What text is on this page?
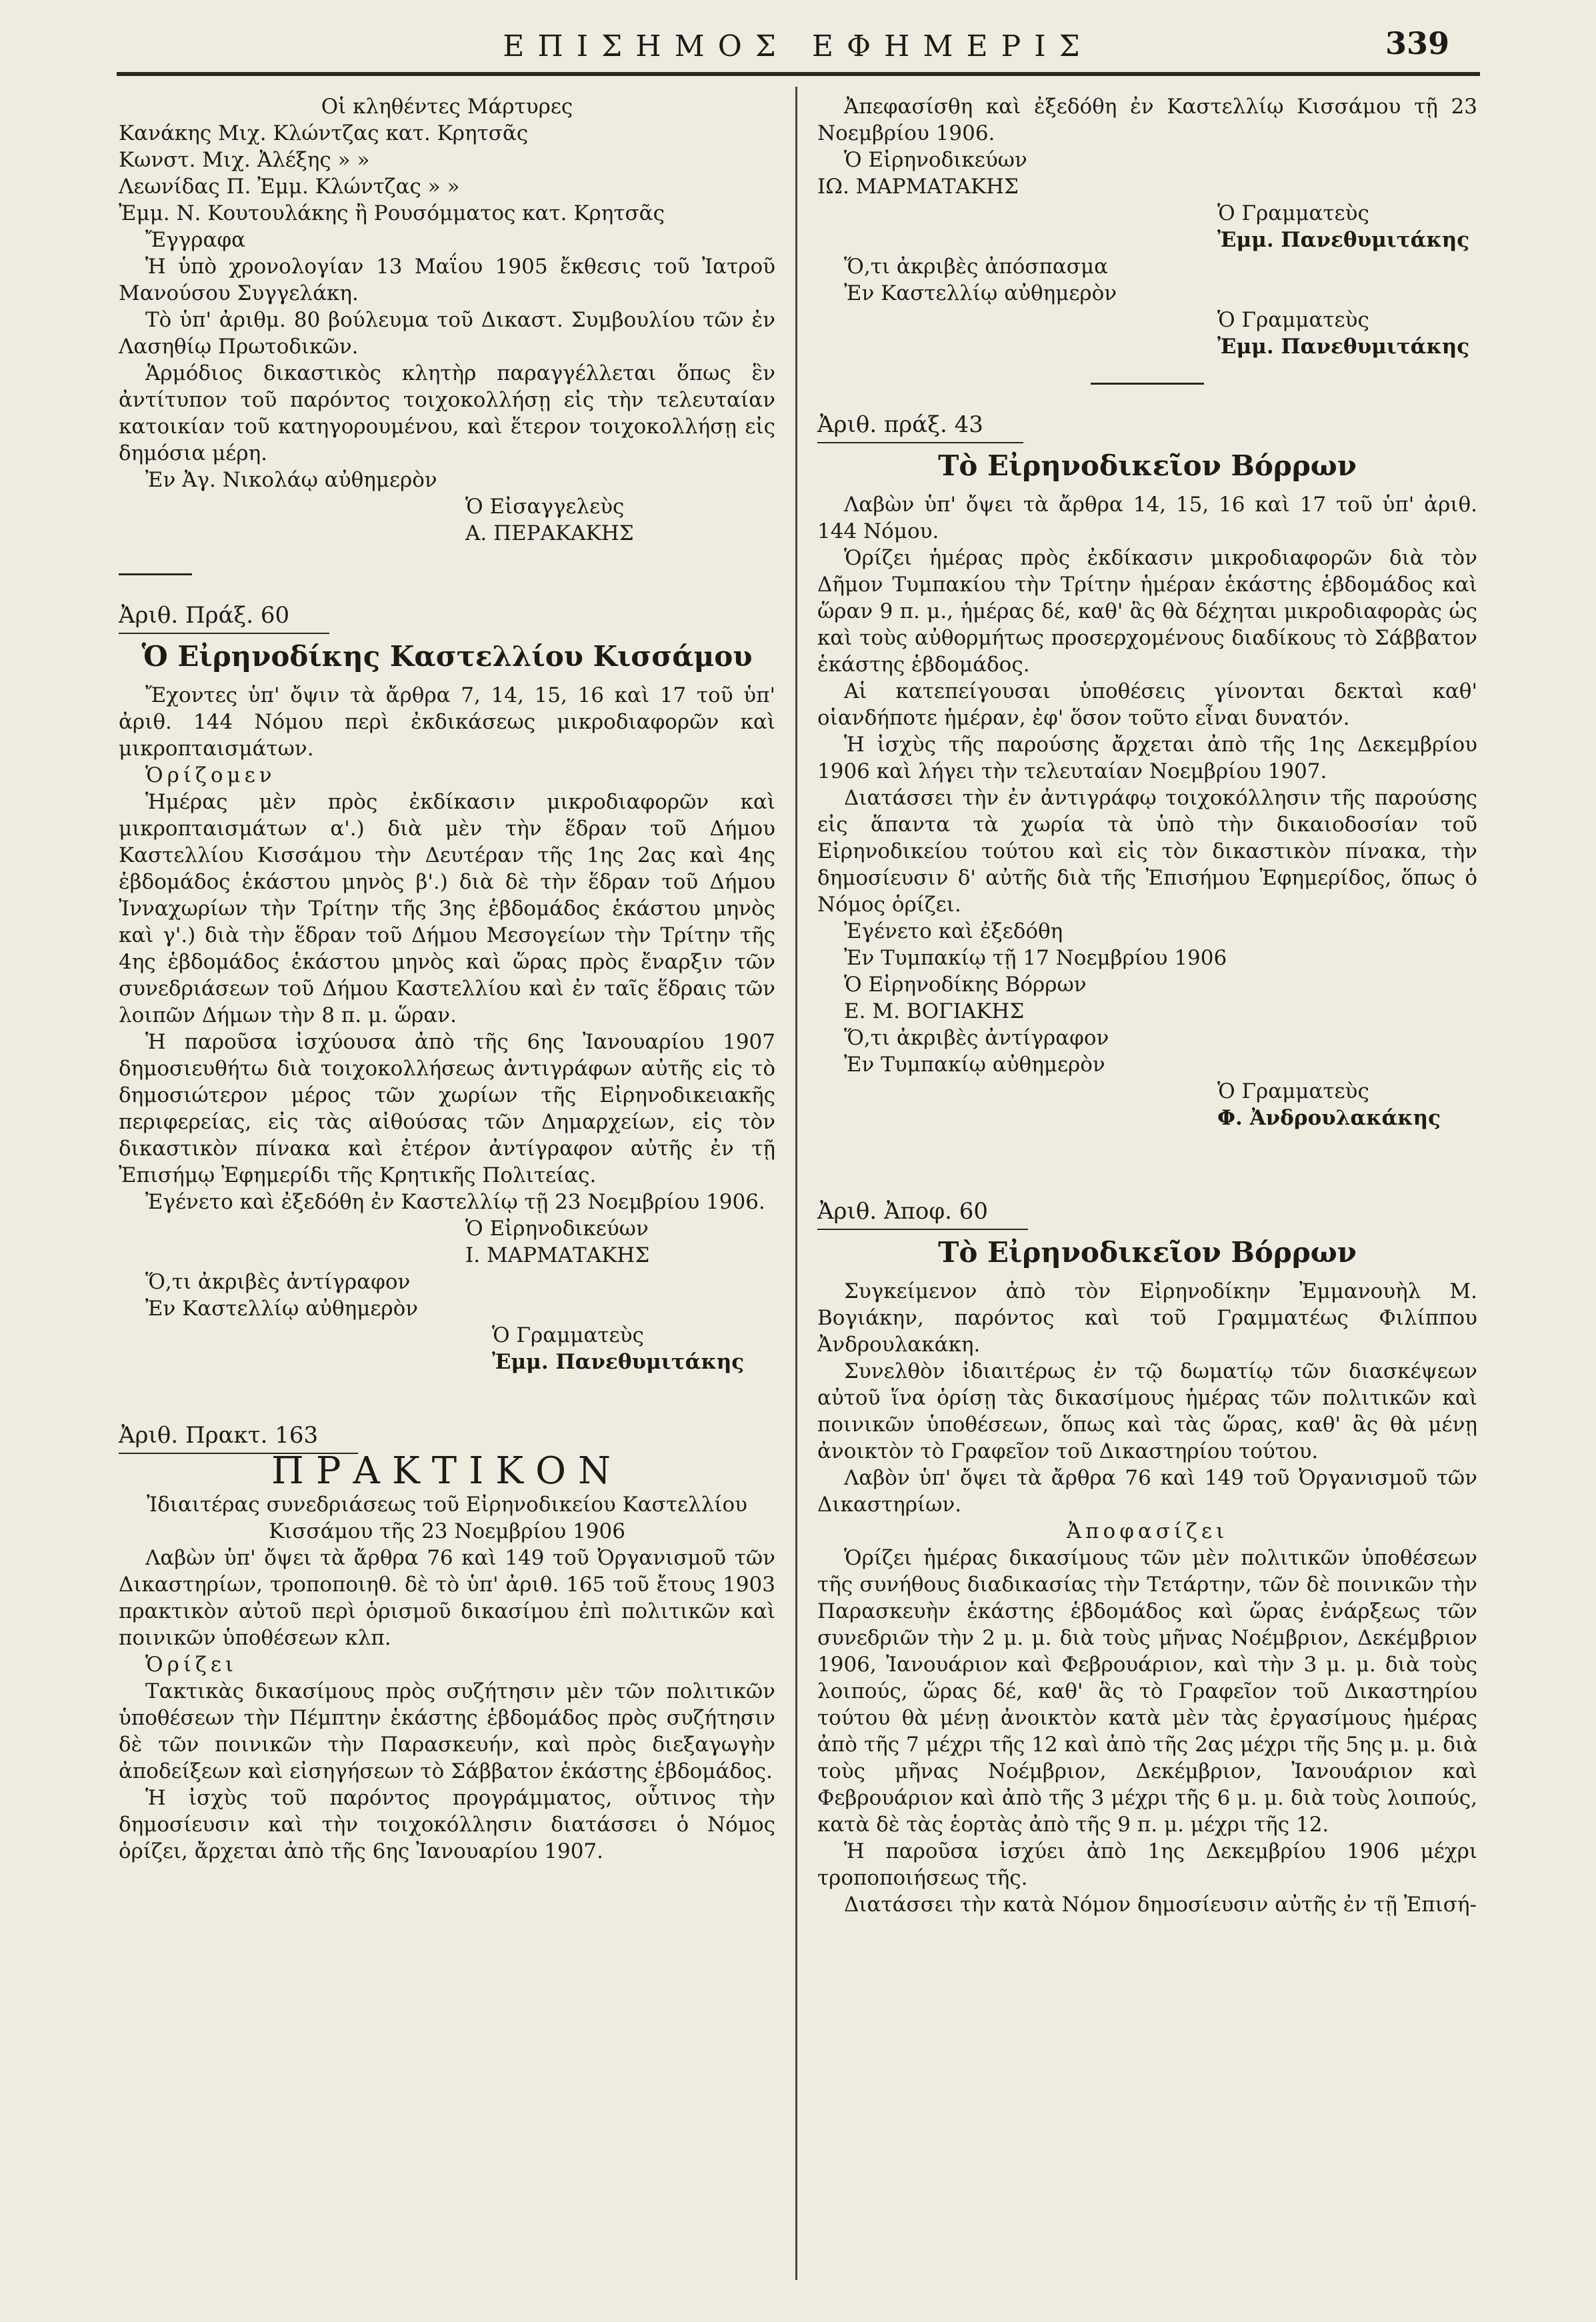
ΕΠΙΣΗΜΟΣ ΕΦΗΜΕΡΙΣ	339

Οἱ κληθέντες Μάρτυρες

Κανάκης Μιχ. Κλώντζας κατ. Κρητσᾶς

Κωνστ. Μιχ. Ἀλέξης » »

Λεωνίδας Π. Ἐμμ. Κλώντζας » »

Ἐμμ. Ν. Κουτουλάκης ἢ Ρουσόμματος κατ. Κρητσᾶς

Ἔγγραφα

Ἡ ὑπὸ χρονολογίαν 13 Μαΐου 1905 ἔκθεσις τοῦ Ἰατροῦ Μανούσου Συγγελάκη.

Τὸ ὑπ' ἀριθμ. 80 βούλευμα τοῦ Δικαστ. Συμβουλίου τῶν ἐν Λασηθίῳ Πρωτοδικῶν.

Ἁρμόδιος δικαστικὸς κλητὴρ παραγγέλλεται ὅπως ἓν ἀντίτυπον τοῦ παρόντος τοιχοκολλήσῃ εἰς τὴν τελευταίαν κατοικίαν τοῦ κατηγορουμένου, καὶ ἕτερον τοιχοκολλήσῃ εἰς δημόσια μέρη.

Ἐν Ἀγ. Νικολάῳ αὐθημερὸν

Ὁ Εἰσαγγελεὺς

Α. ΠΕΡΑΚΑΚΗΣ

Ἀριθ. Πράξ. 60
Ὁ Εἰρηνοδίκης Καστελλίου Κισσάμου

Ἔχοντες ὑπ' ὄψιν τὰ ἄρθρα 7, 14, 15, 16 καὶ 17 τοῦ ὑπ' ἀριθ. 144 Νόμου περὶ ἐκδικάσεως μικροδιαφορῶν καὶ μικροπταισμάτων.

Ὁρίζομεν

Ἡμέρας μὲν πρὸς ἐκδίκασιν μικροδιαφορῶν καὶ μικροπταισμάτων α'.) διὰ μὲν τὴν ἕδραν τοῦ Δήμου Καστελλίου Κισσάμου τὴν Δευτέραν τῆς 1ης 2ας καὶ 4ης ἑβδομάδος ἑκάστου μηνὸς β'.) διὰ δὲ τὴν ἕδραν τοῦ Δήμου Ἰνναχωρίων τὴν Τρίτην τῆς 3ης ἑβδομάδος ἑκάστου μηνὸς καὶ γ'.) διὰ τὴν ἕδραν τοῦ Δήμου Μεσογείων τὴν Τρίτην τῆς 4ης ἑβδομάδος ἑκάστου μηνὸς καὶ ὥρας πρὸς ἔναρξιν τῶν συνεδριάσεων τοῦ Δήμου Καστελλίου καὶ ἐν ταῖς ἕδραις τῶν λοιπῶν Δήμων τὴν 8 π. μ. ὥραν.

Ἡ παροῦσα ἰσχύουσα ἀπὸ τῆς 6ης Ἰανουαρίου 1907 δημοσιευθήτω διὰ τοιχοκολλήσεως ἀντιγράφων αὐτῆς εἰς τὸ δημοσιώτερον μέρος τῶν χωρίων τῆς Εἰρηνοδικειακῆς περιφερείας, εἰς τὰς αἰθούσας τῶν Δημαρχείων, εἰς τὸν δικαστικὸν πίνακα καὶ ἐτέρον ἀντίγραφον αὐτῆς ἐν τῇ Ἐπισήμῳ Ἐφημερίδι τῆς Κρητικῆς Πολιτείας.

Ἐγένετο καὶ ἐξεδόθη ἐν Καστελλίῳ τῇ 23 Νοεμβρίου 1906.

Ὁ Εἰρηνοδικεύων

Ι. ΜΑΡΜΑΤΑΚΗΣ

Ὅ,τι ἀκριβὲς ἀντίγραφον

Ἐν Καστελλίῳ αὐθημερὸν

Ὁ Γραμματεὺς

Ἐμμ. Πανεθυμιτάκης

Ἀριθ. Πρακτ. 163
ΠΡΑΚΤΙΚΟΝ

Ἰδιαιτέρας συνεδριάσεως τοῦ Εἰρηνοδικείου Καστελλίου

Κισσάμου τῆς 23 Νοεμβρίου 1906

Λαβὼν ὑπ' ὄψει τὰ ἄρθρα 76 καὶ 149 τοῦ Ὀργανισμοῦ τῶν Δικαστηρίων, τροποποιηθ. δὲ τὸ ὑπ' ἀριθ. 165 τοῦ ἔτους 1903 πρακτικὸν αὐτοῦ περὶ ὁρισμοῦ δικασίμου ἐπὶ πολιτικῶν καὶ ποινικῶν ὑποθέσεων κλπ.

Ὁρίζει

Τακτικὰς δικασίμους πρὸς συζήτησιν μὲν τῶν πολιτικῶν ὑποθέσεων τὴν Πέμπτην ἑκάστης ἑβδομάδος πρὸς συζήτησιν δὲ τῶν ποινικῶν τὴν Παρασκευήν, καὶ πρὸς διεξαγωγὴν ἀποδείξεων καὶ εἰσηγήσεων τὸ Σάββατον ἑκάστης ἑβδομάδος.

Ἡ ἰσχὺς τοῦ παρόντος προγράμματος, οὗτινος τὴν δημοσίευσιν καὶ τὴν τοιχοκόλλησιν διατάσσει ὁ Νόμος ὁρίζει, ἄρχεται ἀπὸ τῆς 6ης Ἰανουαρίου 1907.

Ἀπεφασίσθη καὶ ἐξεδόθη ἐν Καστελλίῳ Κισσάμου τῇ 23 Νοεμβρίου 1906.

Ὁ Εἰρηνοδικεύων

ΙΩ. ΜΑΡΜΑΤΑΚΗΣ

Ὁ Γραμματεὺς

Ἐμμ. Πανεθυμιτάκης

Ὅ,τι ἀκριβὲς ἀπόσπασμα

Ἐν Καστελλίῳ αὐθημερὸν

Ὁ Γραμματεὺς

Ἐμμ. Πανεθυμιτάκης

Ἀριθ. πράξ. 43
Τὸ Εἰρηνοδικεῖον Βόρρων

Λαβὼν ὑπ' ὄψει τὰ ἄρθρα 14, 15, 16 καὶ 17 τοῦ ὑπ' ἀριθ. 144 Νόμου.

Ὁρίζει ἡμέρας πρὸς ἐκδίκασιν μικροδιαφορῶν διὰ τὸν Δῆμον Τυμπακίου τὴν Τρίτην ἡμέραν ἑκάστης ἑβδομάδος καὶ ὥραν 9 π. μ., ἡμέρας δέ, καθ' ἃς θὰ δέχηται μικροδιαφορὰς ὡς καὶ τοὺς αὐθορμήτως προσερχομένους διαδίκους τὸ Σάββατον ἑκάστης ἑβδομάδος.

Αἱ κατεπείγουσαι ὑποθέσεις γίνονται δεκταὶ καθ' οἱανδήποτε ἡμέραν, ἐφ' ὅσον τοῦτο εἶναι δυνατόν.

Ἡ ἰσχὺς τῆς παρούσης ἄρχεται ἀπὸ τῆς 1ης Δεκεμβρίου 1906 καὶ λήγει τὴν τελευταίαν Νοεμβρίου 1907.

Διατάσσει τὴν ἐν ἀντιγράφῳ τοιχοκόλλησιν τῆς παρούσης εἰς ἅπαντα τὰ χωρία τὰ ὑπὸ τὴν δικαιοδοσίαν τοῦ Εἰρηνοδικείου τούτου καὶ εἰς τὸν δικαστικὸν πίνακα, τὴν δημοσίευσιν δ' αὐτῆς διὰ τῆς Ἐπισήμου Ἐφημερίδος, ὅπως ὁ Νόμος ὁρίζει.

Ἐγένετο καὶ ἐξεδόθη

Ἐν Τυμπακίῳ τῇ 17 Νοεμβρίου 1906

Ὁ Εἰρηνοδίκης Βόρρων

Ε. Μ. ΒΟΓΙΑΚΗΣ

Ὅ,τι ἀκριβὲς ἀντίγραφον

Ἐν Τυμπακίῳ αὐθημερὸν

Ὁ Γραμματεὺς

Φ. Ἀνδρουλακάκης

Ἀριθ. Ἀποφ. 60
Τὸ Εἰρηνοδικεῖον Βόρρων

Συγκείμενον ἀπὸ τὸν Εἰρηνοδίκην Ἐμμανουὴλ Μ. Βογιάκην, παρόντος καὶ τοῦ Γραμματέως Φιλίππου Ἀνδρουλακάκη.

Συνελθὸν ἰδιαιτέρως ἐν τῷ δωματίῳ τῶν διασκέψεων αὐτοῦ ἵνα ὁρίσῃ τὰς δικασίμους ἡμέρας τῶν πολιτικῶν καὶ ποινικῶν ὑποθέσεων, ὅπως καὶ τὰς ὥρας, καθ' ἃς θὰ μένῃ ἀνοικτὸν τὸ Γραφεῖον τοῦ Δικαστηρίου τούτου.

Λαβὸν ὑπ' ὄψει τὰ ἄρθρα 76 καὶ 149 τοῦ Ὀργανισμοῦ τῶν Δικαστηρίων.

Ἀποφασίζει

Ὁρίζει ἡμέρας δικασίμους τῶν μὲν πολιτικῶν ὑποθέσεων τῆς συνήθους διαδικασίας τὴν Τετάρτην, τῶν δὲ ποινικῶν τὴν Παρασκευὴν ἑκάστης ἑβδομάδος καὶ ὥρας ἐνάρξεως τῶν συνεδριῶν τὴν 2 μ. μ. διὰ τοὺς μῆνας Νοέμβριον, Δεκέμβριον 1906, Ἰανουάριον καὶ Φεβρουάριον, καὶ τὴν 3 μ. μ. διὰ τοὺς λοιπούς, ὥρας δέ, καθ' ἃς τὸ Γραφεῖον τοῦ Δικαστηρίου τούτου θὰ μένῃ ἀνοικτὸν κατὰ μὲν τὰς ἐργασίμους ἡμέρας ἀπὸ τῆς 7 μέχρι τῆς 12 καὶ ἀπὸ τῆς 2ας μέχρι τῆς 5ης μ. μ. διὰ τοὺς μῆνας Νοέμβριον, Δεκέμβριον, Ἰανουάριον καὶ Φεβρουάριον καὶ ἀπὸ τῆς 3 μέχρι τῆς 6 μ. μ. διὰ τοὺς λοιπούς, κατὰ δὲ τὰς ἑορτὰς ἀπὸ τῆς 9 π. μ. μέχρι τῆς 12.

Ἡ παροῦσα ἰσχύει ἀπὸ 1ης Δεκεμβρίου 1906 μέχρι τροποποιήσεως τῆς.

Διατάσσει τὴν κατὰ Νόμον δημοσίευσιν αὐτῆς ἐν τῇ Ἐπισή-
